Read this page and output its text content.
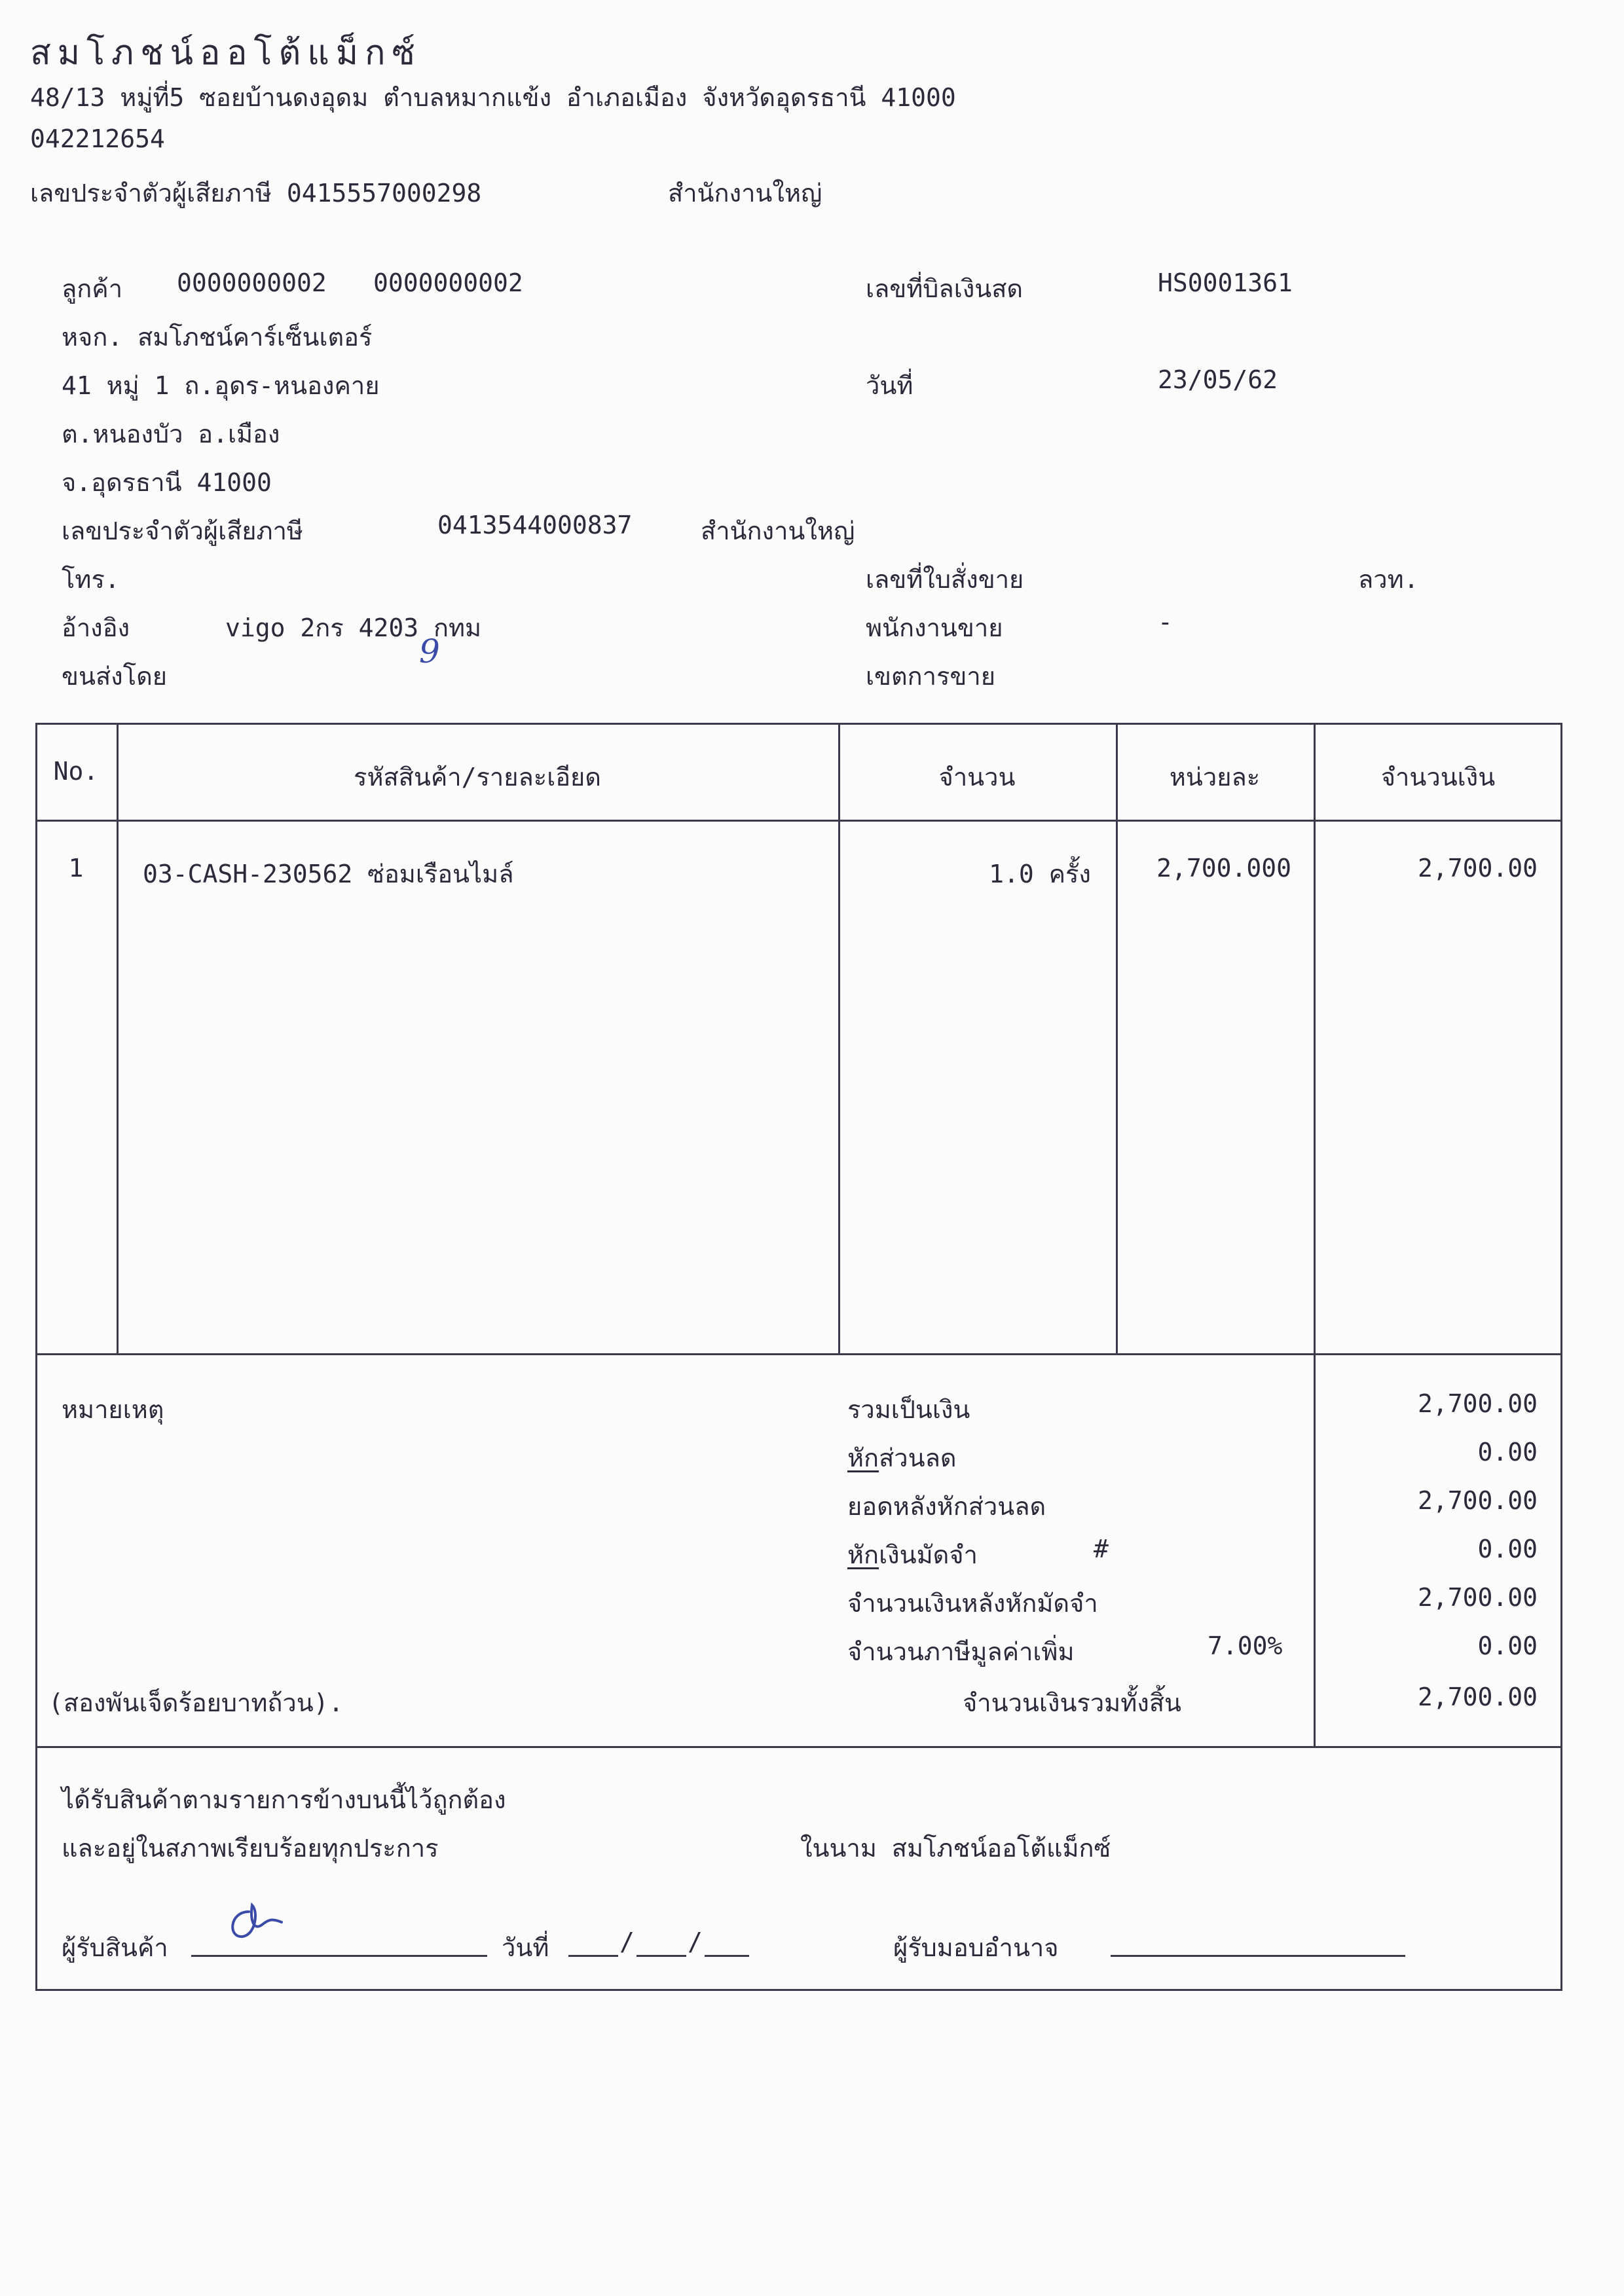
สมโภชน์ออโต้แม็กซ์
48/13 หมู่ที่5 ซอยบ้านดงอุดม ตำบลหมากแข้ง อำเภอเมือง จังหวัดอุดรธานี 41000
042212654
เลขประจำตัวผู้เสียภาษี 0415557000298	สำนักงานใหญ่
ลูกค้า 0000000002 0000000002
หจก. สมโภชน์คาร์เซ็นเตอร์
41 หมู่ 1 ถ.อุดร-หนองคาย
ต.หนองบัว อ.เมือง
จ.อุดรธานี 41000
เลขประจำตัวผู้เสียภาษี	0413544000837	สำนักงานใหญ่
โทร.
อ้างอิง	vigo 2กร 4203 กทม
9
ขนส่งโดย
เลขที่บิลเงินสด	HS0001361
วันที่	23/05/62
เลขที่ใบสั่งขาย	ลวท.
พนักงานขาย	-
เขตการขาย
No.	รหัสสินค้า/รายละเอียด	จำนวน	หน่วยละ	จำนวนเงิน
1	03-CASH-230562 ซ่อมเรือนไมล์	1.0 ครั้ง	2,700.000	2,700.00
หมายเหตุ
(สองพันเจ็ดร้อยบาทถ้วน).
รวมเป็นเงิน	2,700.00
หักส่วนลด	0.00
ยอดหลังหักส่วนลด	2,700.00
หักเงินมัดจำ	#	0.00
จำนวนเงินหลังหักมัดจำ	2,700.00
จำนวนภาษีมูลค่าเพิ่ม	7.00%	0.00
จำนวนเงินรวมทั้งสิ้น	2,700.00
ได้รับสินค้าตามรายการข้างบนนี้ไว้ถูกต้อง
และอยู่ในสภาพเรียบร้อยทุกประการ	ในนาม สมโภชน์ออโต้แม็กซ์
ผู้รับสินค้า	วันที่	/ /	ผู้รับมอบอำนาจ
